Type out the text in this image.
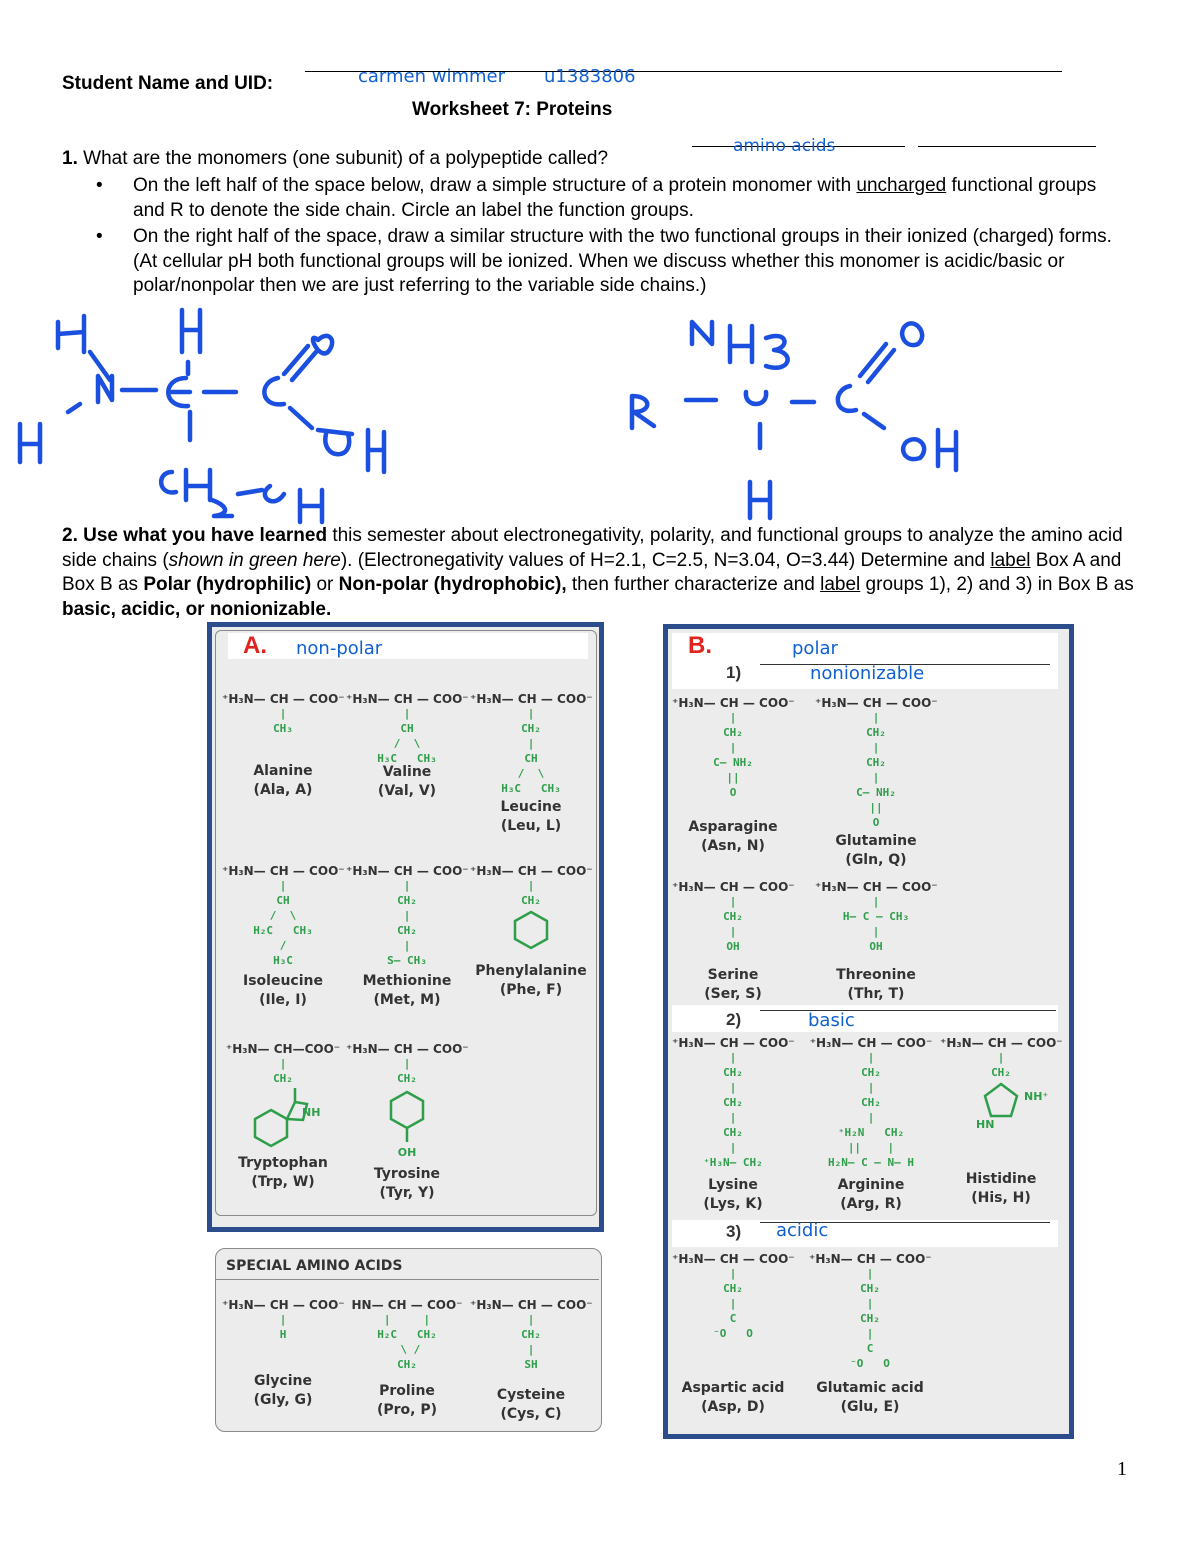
Student Name and UID:	carmen wimmer u1383806
Worksheet 7: Proteins
1. What are the monomers (one subunit) of a polypeptide called?
amino acids
• On the left half of the space below, draw a simple structure of a protein monomer with uncharged functional groups and R to denote the side chain. Circle an label the function groups.
• On the right half of the space, draw a similar structure with the two functional groups in their ionized (charged) forms. (At cellular pH both functional groups will be ionized. When we discuss whether this monomer is acidic/basic or polar/nonpolar then we are just referring to the variable side chains.)
2. Use what you have learned this semester about electronegativity, polarity, and functional groups to analyze the amino acid side chains (shown in green here). (Electronegativity values of H=2.1, C=2.5, N=3.04, O=3.44) Determine and label Box A and Box B as Polar (hydrophilic) or Non-polar (hydrophobic), then further characterize and label groups 1), 2) and 3) in Box B as basic, acidic, or nonionizable.
A. non-polar
⁺H₃N— CH — COO⁻
|
CH₃
Alanine
(Ala, A)
⁺H₃N— CH — COO⁻
|
CH
/  \
H₃C   CH₃
Valine
(Val, V)
⁺H₃N— CH — COO⁻
|
CH₂
|
CH
/  \
H₃C   CH₃
Leucine
(Leu, L)
⁺H₃N— CH — COO⁻
|
CH
/  \
H₂C   CH₃
/
H₃C
Isoleucine
(Ile, I)
⁺H₃N— CH — COO⁻
|
CH₂
|
CH₂
|
S— CH₃
Methionine
(Met, M)
⁺H₃N— CH — COO⁻
|
CH₂
Phenylalanine
(Phe, F)
⁺H₃N— CH—COO⁻
|
CH₂
NH
Tryptophan
(Trp, W)
⁺H₃N— CH — COO⁻
|
CH₂
OH
Tyrosine
(Tyr, Y)
SPECIAL AMINO ACIDS
⁺H₃N— CH — COO⁻
|
H
Glycine
(Gly, G)
HN— CH — COO⁻
|     |
H₂C   CH₂
\ /
CH₂
Proline
(Pro, P)
⁺H₃N— CH — COO⁻
|
CH₂
|
SH
Cysteine
(Cys, C)
B.	polar
1)	nonionizable
⁺H₃N— CH — COO⁻
|
CH₂
|
C— NH₂
||
O
Asparagine
(Asn, N)
⁺H₃N— CH — COO⁻
|
CH₂
|
CH₂
|
C— NH₂
||
O
Glutamine
(Gln, Q)
⁺H₃N— CH — COO⁻
|
CH₂
|
OH
Serine
(Ser, S)
⁺H₃N— CH — COO⁻
|
H— C — CH₃
|
OH
Threonine
(Thr, T)
2)	basic
⁺H₃N— CH — COO⁻
|
CH₂
|
CH₂
|
CH₂
|
⁺H₃N— CH₂
Lysine
(Lys, K)
⁺H₃N— CH — COO⁻
|
CH₂
|
CH₂
|
⁺H₂N   CH₂
||    |
H₂N— C — N— H
Arginine
(Arg, R)
⁺H₃N— CH — COO⁻
|
CH₂
NH⁺
HN
Histidine
(His, H)
3) acidic
⁺H₃N— CH — COO⁻
|
CH₂
|
C
⁻O   O
Aspartic acid
(Asp, D)
⁺H₃N— CH — COO⁻
|
CH₂
|
CH₂
|
C
⁻O   O
Glutamic acid
(Glu, E)
1
